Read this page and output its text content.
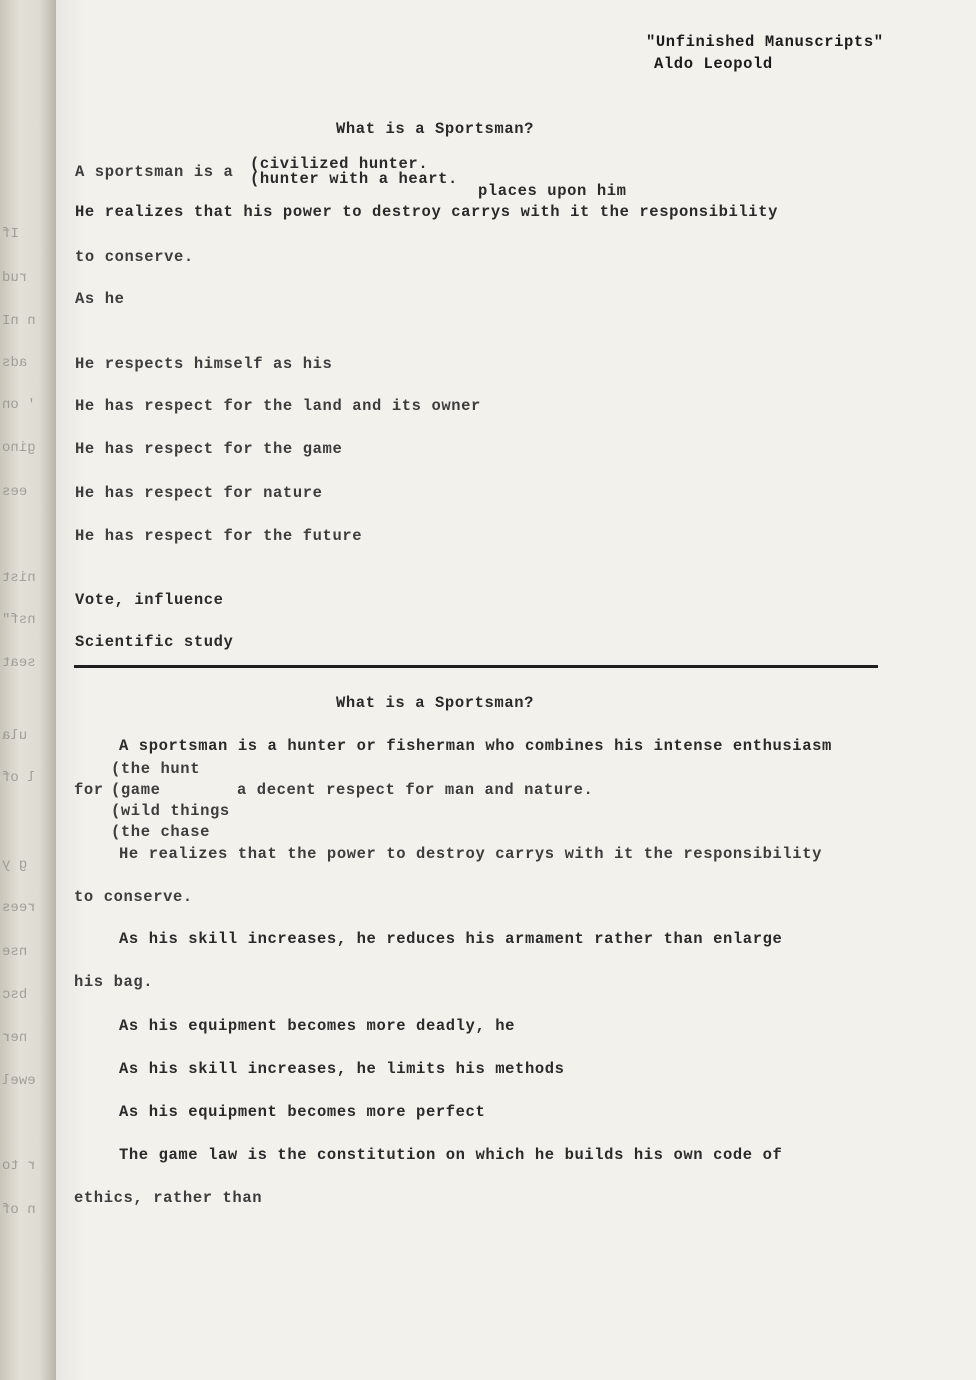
If
rud
n nI
ads
' on
gino
ees
nist
nsf"
seat
ula
l of
g y
rees
nse
bsc
ner
ewel
r to
n of
"Unfinished Manuscripts"
Aldo Leopold
What is a Sportsman?
A sportsman is a (civilized hunter.
(hunter with a heart.
places upon him
He realizes that his power to destroy carrys with it the responsibility
to conserve.
As he
He respects himself as his
He has respect for the land and its owner
He has respect for the game
He has respect for nature
He has respect for the future
Vote, influence
Scientific study
What is a Sportsman?
A sportsman is a hunter or fisherman who combines his intense enthusiasm
(the hunt
for (game	a decent respect for man and nature.
(wild things
(the chase
He realizes that the power to destroy carrys with it the responsibility
to conserve.
As his skill increases, he reduces his armament rather than enlarge
his bag.
As his equipment becomes more deadly, he
As his skill increases, he limits his methods
As his equipment becomes more perfect
The game law is the constitution on which he builds his own code of
ethics, rather than
